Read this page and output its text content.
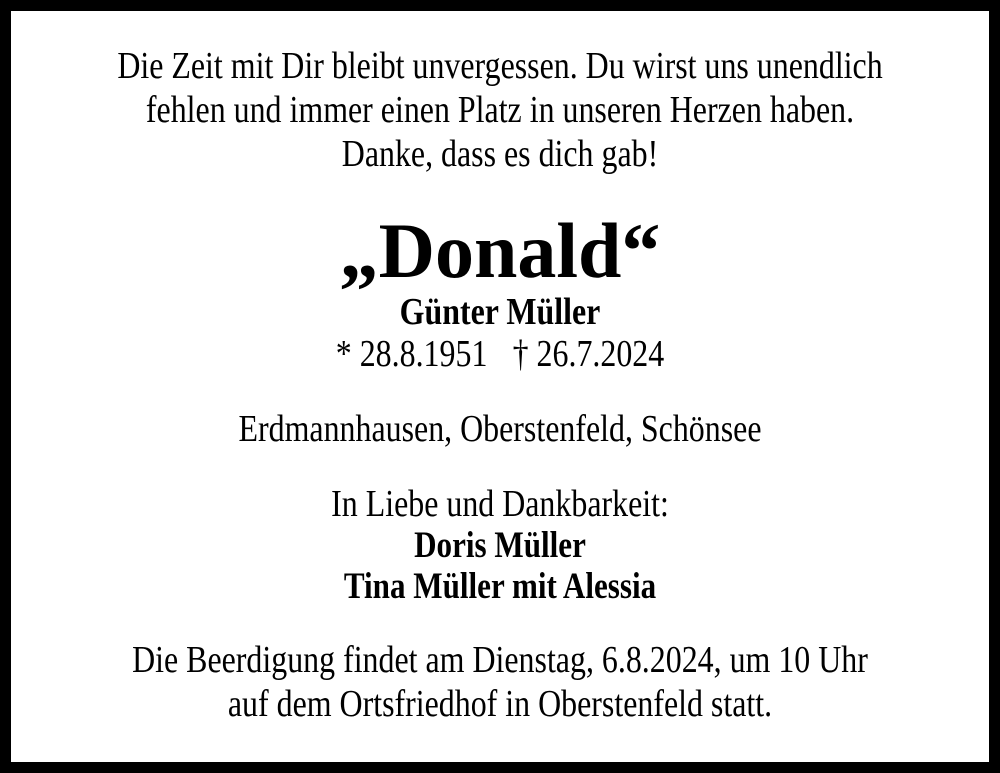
Die Zeit mit Dir bleibt unvergessen. Du wirst uns unendlich
fehlen und immer einen Platz in unseren Herzen haben.
Danke, dass es dich gab!
„Donald“
Günter Müller
* 28.8.1951 † 26.7.2024
Erdmannhausen, Oberstenfeld, Schönsee
In Liebe und Dankbarkeit:
Doris Müller
Tina Müller mit Alessia
Die Beerdigung findet am Dienstag, 6.8.2024, um 10 Uhr
auf dem Ortsfriedhof in Oberstenfeld statt.
